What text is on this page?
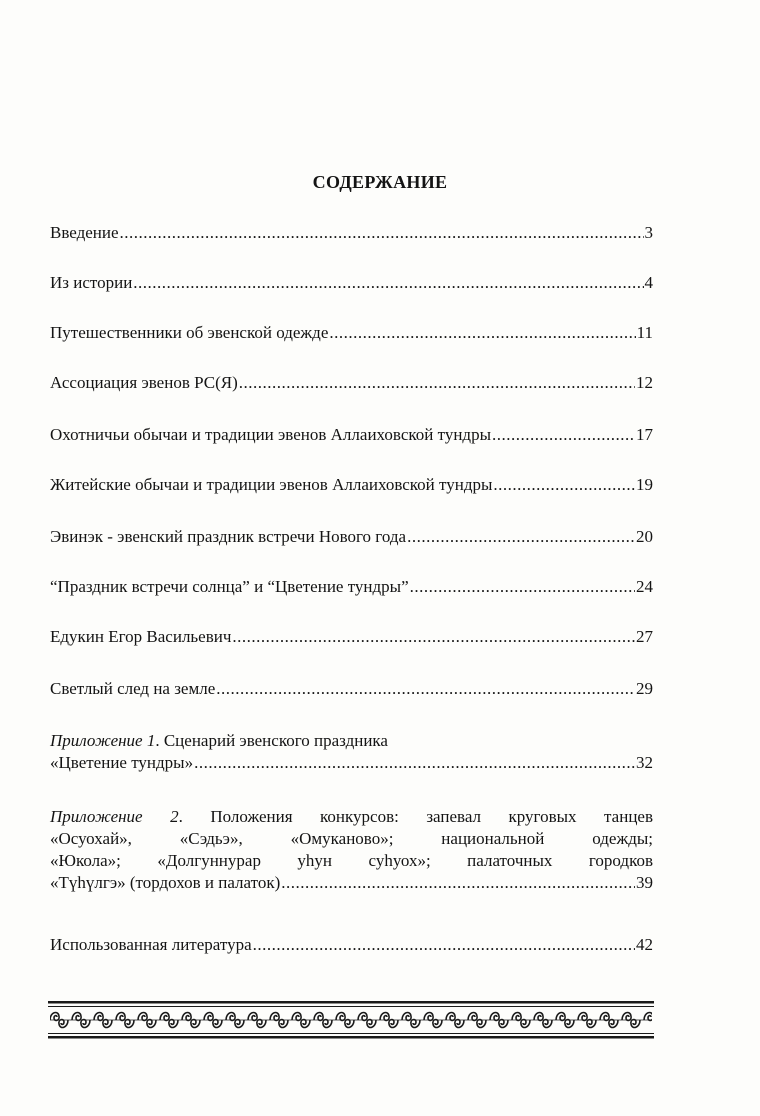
СОДЕРЖАНИЕ
Введение .....	3
Из истории .....	4
Путешественники об эвенской одежде .....	11
Ассоциация эвенов РС(Я) .....	12
Охотничьи обычаи и традиции эвенов Аллаиховской тундры .....	17
Житейские обычаи и традиции эвенов Аллаиховской тундры .....	19
Эвинэк - эвенский праздник встречи Нового года .....	20
“Праздник встречи солнца” и “Цветение тундры” .....	24
Едукин Егор Васильевич .....	27
Светлый след на земле .....	29
Приложение 1. Сценарий эвенского праздника
«Цветение тундры» .....	32
Приложение 2. Положения конкурсов: запевал круговых танцев
«Осуохай», «Сэдьэ», «Омуканово»; национальной одежды;
«Юкола»; «Долгуннурар уһун суһуох»; палаточных городков
«Түһүлгэ» (тордохов и палаток) .....	39
Использованная литература .....	42
